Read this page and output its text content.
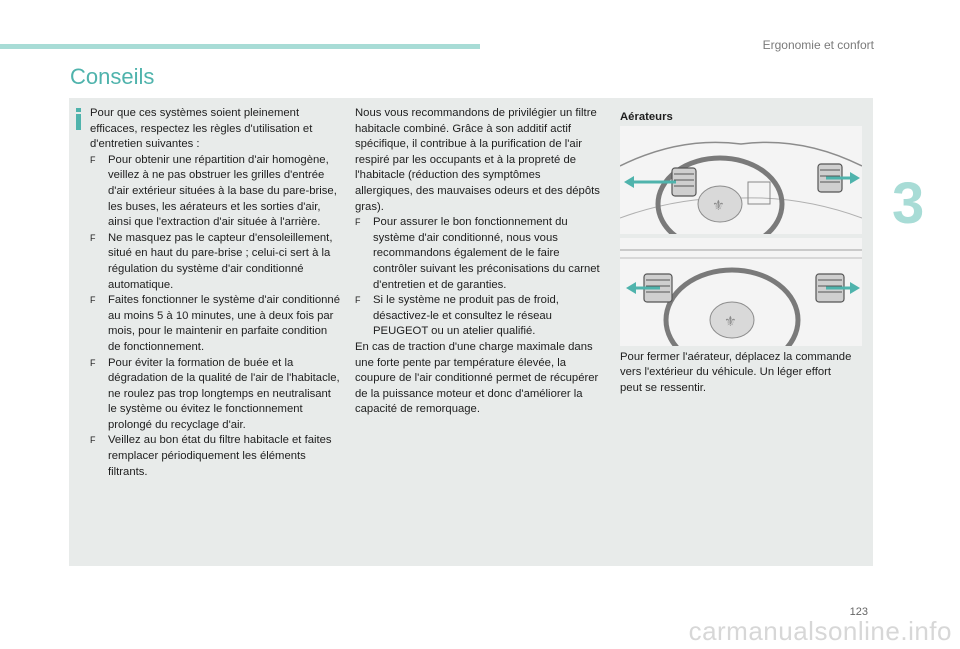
Ergonomie et confort
Conseils
3

Pour que ces systèmes soient pleinement efficaces, respectez les règles d'utilisation et d'entretien suivantes :

F Pour obtenir une répartition d'air homogène, veillez à ne pas obstruer les grilles d'entrée d'air extérieur situées à la base du pare-brise, les buses, les aérateurs et les sorties d'air, ainsi que l'extraction d'air située à l'arrière.

F Ne masquez pas le capteur d'ensoleillement, situé en haut du pare-brise ; celui-ci sert à la régulation du système d'air conditionné automatique.

F Faites fonctionner le système d'air conditionné au moins 5 à 10 minutes, une à deux fois par mois, pour le maintenir en parfaite condition de fonctionnement.

F Pour éviter la formation de buée et la dégradation de la qualité de l'air de l'habitacle, ne roulez pas trop longtemps en neutralisant le système ou évitez le fonctionnement prolongé du recyclage d'air.

F Veillez au bon état du filtre habitacle et faites remplacer périodiquement les éléments filtrants.

Nous vous recommandons de privilégier un filtre habitacle combiné. Grâce à son additif actif spécifique, il contribue à la purification de l'air respiré par les occupants et à la propreté de l'habitacle (réduction des symptômes allergiques, des mauvaises odeurs et des dépôts gras).

F Pour assurer le bon fonctionnement du système d'air conditionné, nous vous recommandons également de le faire contrôler suivant les préconisations du carnet d'entretien et de garanties.

F Si le système ne produit pas de froid, désactivez-le et consultez le réseau PEUGEOT ou un atelier qualifié.

En cas de traction d'une charge maximale dans une forte pente par température élevée, la coupure de l'air conditionné permet de récupérer de la puissance moteur et donc d'améliorer la capacité de remorquage.

Aérateurs

⚜
⚜

Pour fermer l'aérateur, déplacez la commande vers l'extérieur du véhicule. Un léger effort peut se ressentir.

123
carmanualsonline.info
